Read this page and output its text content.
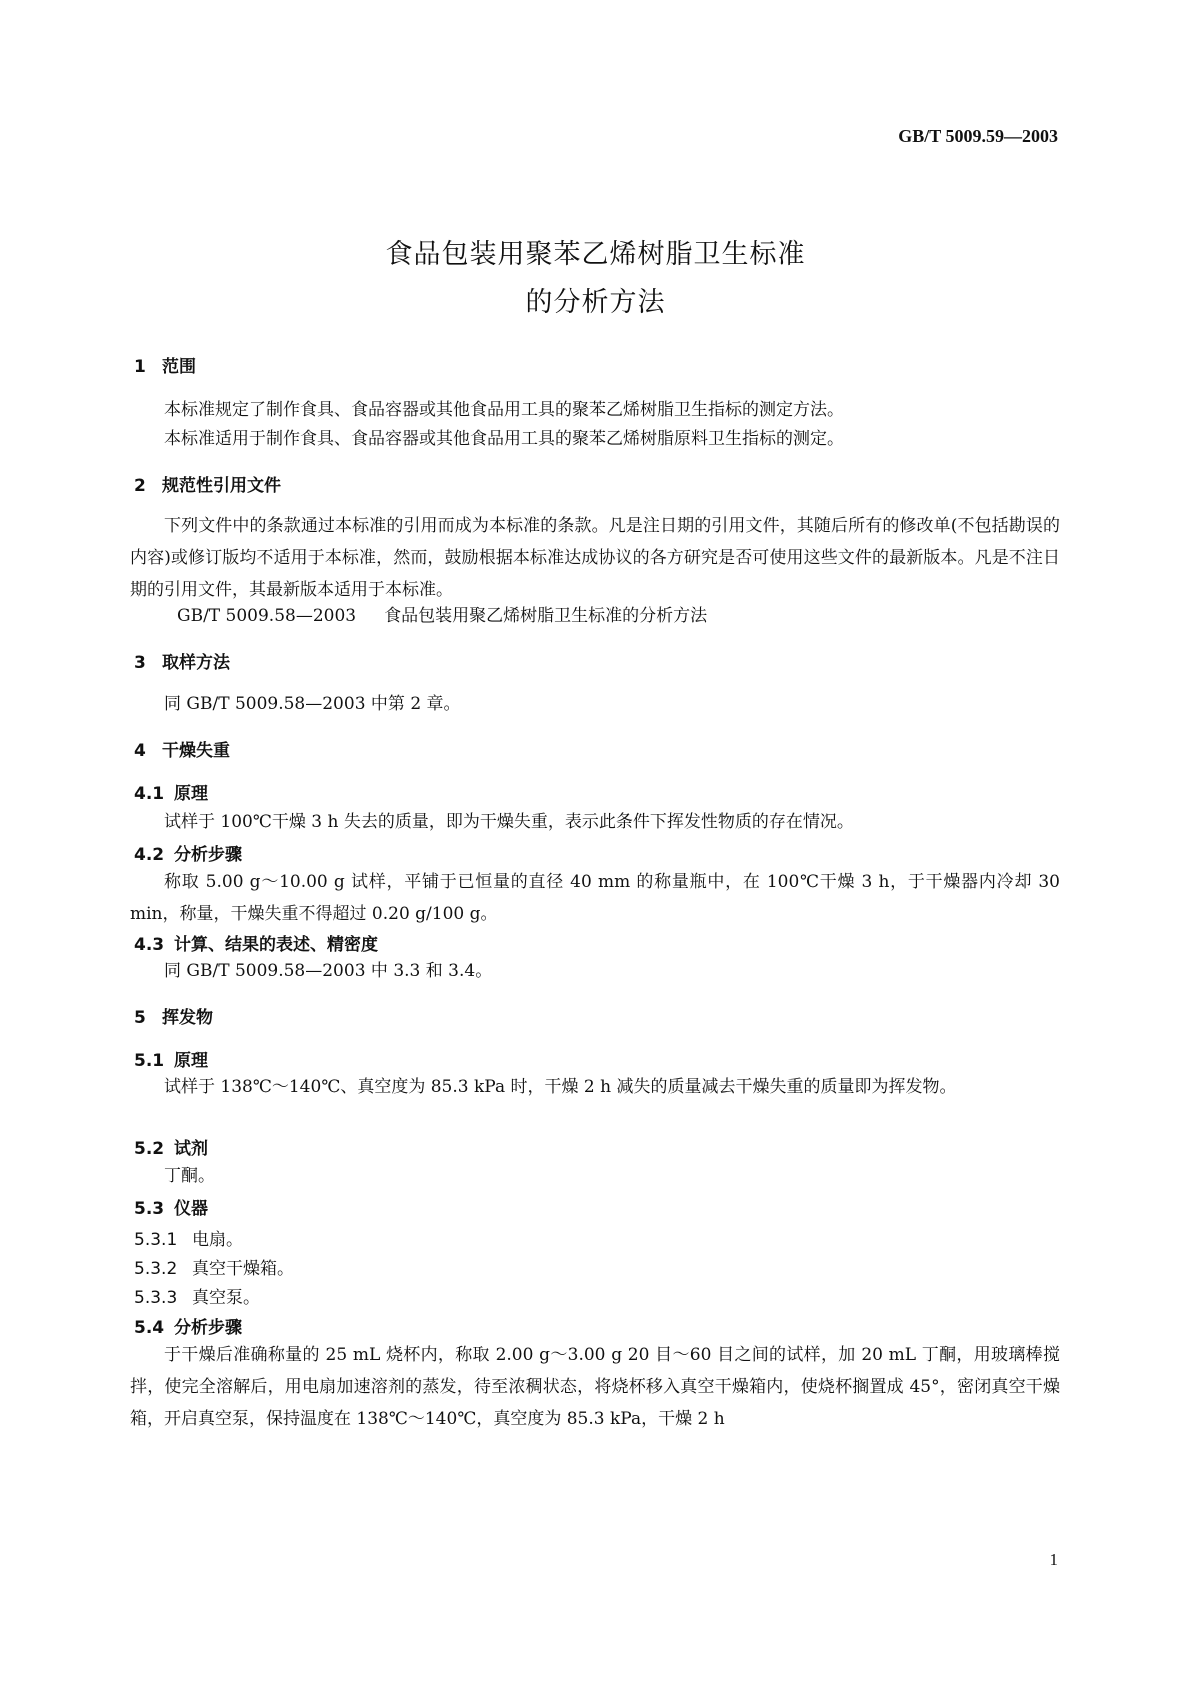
GB/T 5009.59—2003

食品包装用聚苯乙烯树脂卫生标准
的分析方法
1 范围

本标准规定了制作食具、食品容器或其他食品用工具的聚苯乙烯树脂卫生指标的测定方法。

本标准适用于制作食具、食品容器或其他食品用工具的聚苯乙烯树脂原料卫生指标的测定。

2 规范性引用文件

下列文件中的条款通过本标准的引用而成为本标准的条款。凡是注日期的引用文件，其随后所有的修改单(不包括勘误的内容)或修订版均不适用于本标准，然而，鼓励根据本标准达成协议的各方研究是否可使用这些文件的最新版本。凡是不注日期的引用文件，其最新版本适用于本标准。

GB/T 5009.58—2003 食品包装用聚乙烯树脂卫生标准的分析方法

3 取样方法

同 GB/T 5009.58—2003 中第 2 章。

4 干燥失重
4.1 原理

试样于 100℃干燥 3 h 失去的质量，即为干燥失重，表示此条件下挥发性物质的存在情况。

4.2 分析步骤

称取 5.00 g～10.00 g 试样，平铺于已恒量的直径 40 mm 的称量瓶中，在 100℃干燥 3 h，于干燥器内冷却 30 min，称量，干燥失重不得超过 0.20 g/100 g。

4.3 计算、结果的表述、精密度

同 GB/T 5009.58—2003 中 3.3 和 3.4。

5 挥发物
5.1 原理

试样于 138℃～140℃、真空度为 85.3 kPa 时，干燥 2 h 减失的质量减去干燥失重的质量即为挥发物。

5.2 试剂

丁酮。

5.3 仪器

5.3.1 电扇。

5.3.2 真空干燥箱。

5.3.3 真空泵。

5.4 分析步骤

于干燥后准确称量的 25 mL 烧杯内，称取 2.00 g～3.00 g 20 目～60 目之间的试样，加 20 mL 丁酮，用玻璃棒搅拌，使完全溶解后，用电扇加速溶剂的蒸发，待至浓稠状态，将烧杯移入真空干燥箱内，使烧杯搁置成 45°，密闭真空干燥箱，开启真空泵，保持温度在 138℃～140℃，真空度为 85.3 kPa，干燥 2 h

1
